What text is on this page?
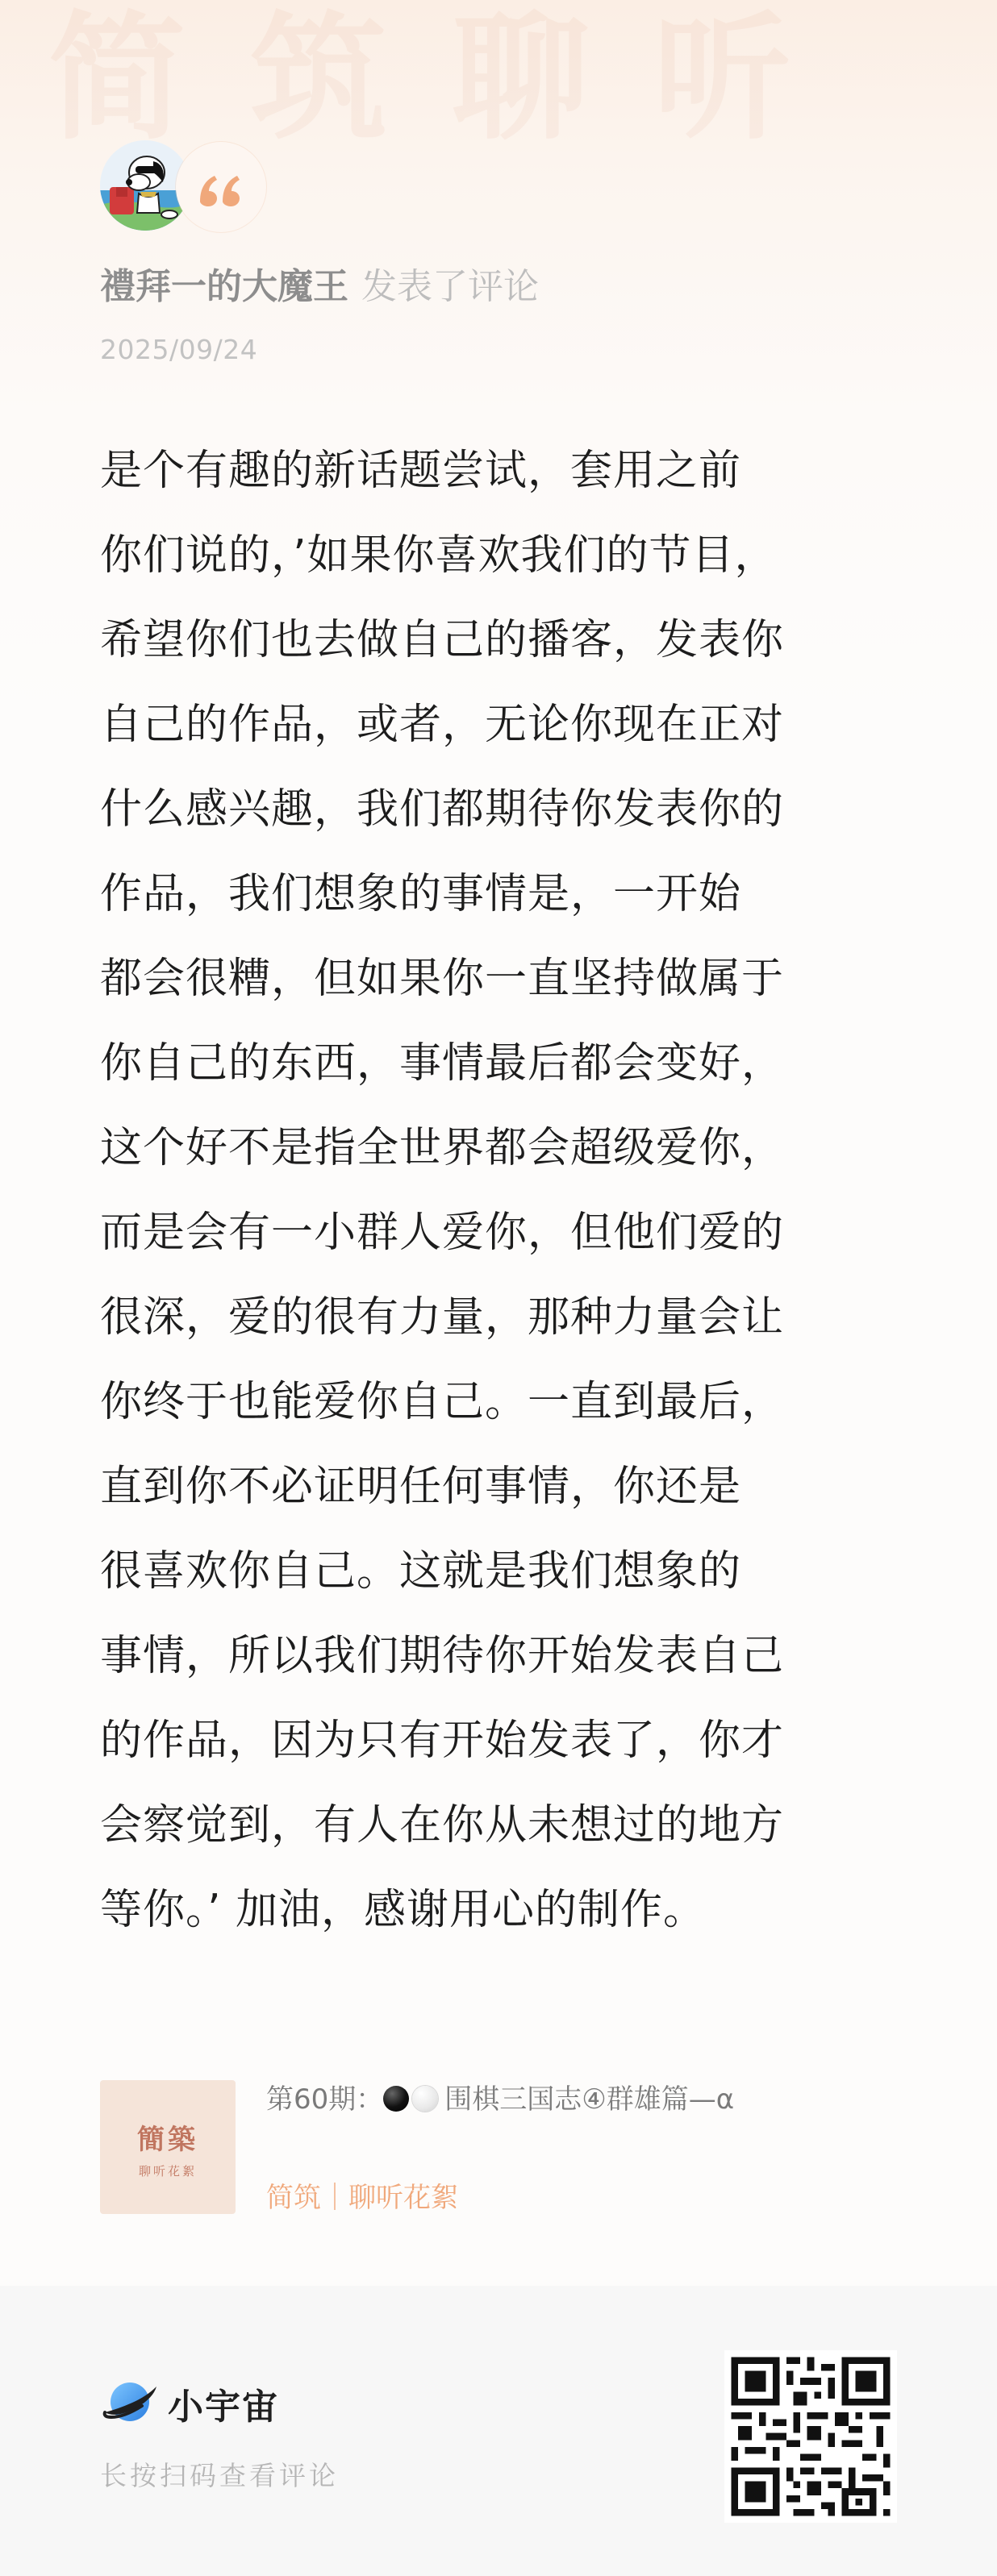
简筑聊听
禮拜一的大魔王 发表了评论
2025/09/24
是个有趣的新话题尝试，套用之前
你们说的，’如果你喜欢我们的节目，
希望你们也去做自己的播客，发表你
自己的作品，或者，无论你现在正对
什么感兴趣，我们都期待你发表你的
作品，我们想象的事情是，一开始
都会很糟，但如果你一直坚持做属于
你自己的东西，事情最后都会变好，
这个好不是指全世界都会超级爱你，
而是会有一小群人爱你，但他们爱的
很深，爱的很有力量，那种力量会让
你终于也能爱你自己。一直到最后，
直到你不必证明任何事情，你还是
很喜欢你自己。这就是我们想象的
事情，所以我们期待你开始发表自己
的作品，因为只有开始发表了，你才
会察觉到，有人在你从未想过的地方
等你。’ 加油，感谢用心的制作。
簡築
聊听花絮
第60期： 围棋三国志④群雄篇—α
简筑｜聊听花絮
小宇宙
长按扫码查看评论
